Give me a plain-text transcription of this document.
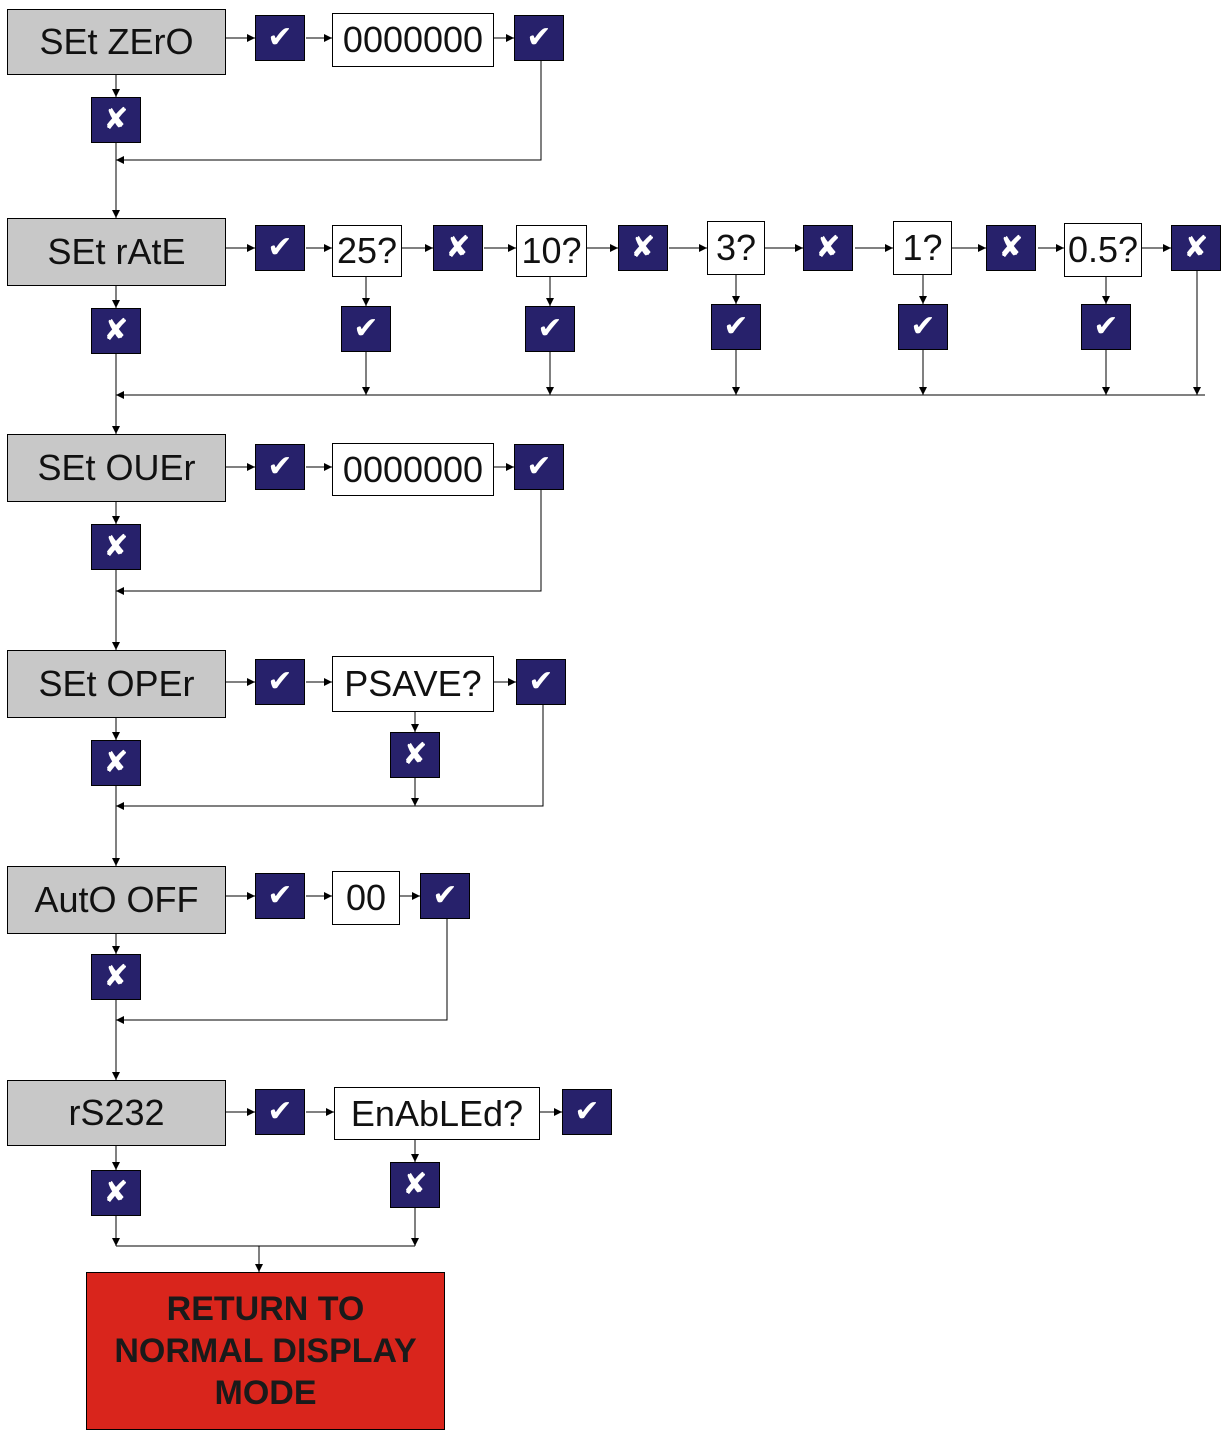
SEt ZErO
SEt rAtE
SEt OUEr
SEt OPEr
AutO OFF
rS232
0000000
25?	10?	3?	1?	0.5?
0000000
PSAVE?
00
EnAbLEd?
✔	✔
✔
✔	✔	✔	✔	✔
✔	✔
✔	✔
✔	✔
✔	✔
✘
✘
✘	✘	✘	✘	✘
✘
✘	✘
✘
✘	✘
RETURN TO
NORMAL DISPLAY
MODE
